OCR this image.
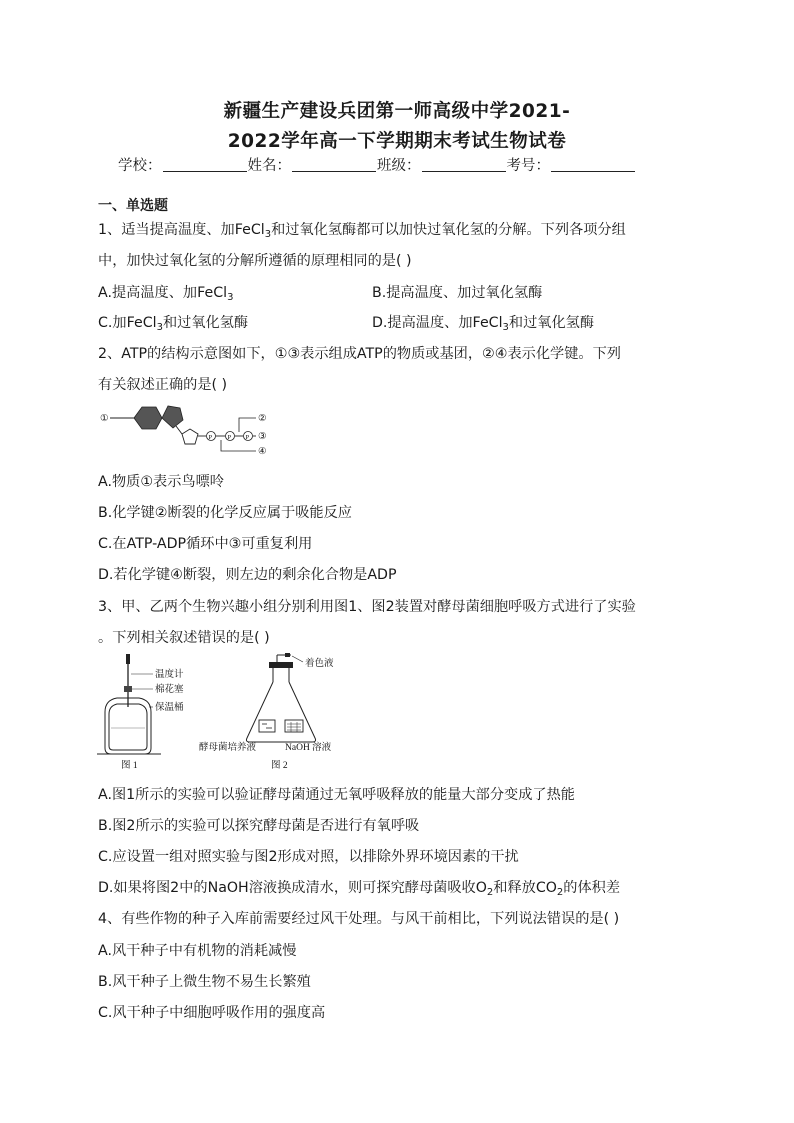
新疆生产建设兵团第一师高级中学2021-
2022学年高一下学期期末考试生物试卷
学校：	姓名：	班级：	考号：
一、单选题
1、适当提高温度、加FeCl$_3$和过氧化氢酶都可以加快过氧化氢的分解。下列各项分组
中，加快过氧化氢的分解所遵循的原理相同的是( )
A.提高温度、加FeCl$_3$	B.提高温度、加过氧化氢酶
C.加FeCl$_3$和过氧化氢酶	D.提高温度、加FeCl$_3$和过氧化氢酶
2、ATP的结构示意图如下，①③表示组成ATP的物质或基团，②④表示化学键。下列
有关叙述正确的是( )
①
P P P
②
③
④
A.物质①表示鸟嘌呤
B.化学键②断裂的化学反应属于吸能反应
C.在ATP-ADP循环中③可重复利用
D.若化学键④断裂，则左边的剩余化合物是ADP
3、甲、乙两个生物兴趣小组分别利用图1、图2装置对酵母菌细胞呼吸方式进行了实验
。下列相关叙述错误的是( )
温度计
棉花塞
保温桶
图 1
着色液
酵母菌培养液	NaOH 溶液
图 2
A.图1所示的实验可以验证酵母菌通过无氧呼吸释放的能量大部分变成了热能
B.图2所示的实验可以探究酵母菌是否进行有氧呼吸
C.应设置一组对照实验与图2形成对照，以排除外界环境因素的干扰
D.如果将图2中的NaOH溶液换成清水，则可探究酵母菌吸收$O_2$和释放$CO_2$的体积差
4、有些作物的种子入库前需要经过风干处理。与风干前相比，下列说法错误的是( )
A.风干种子中有机物的消耗减慢
B.风干种子上微生物不易生长繁殖
C.风干种子中细胞呼吸作用的强度高
